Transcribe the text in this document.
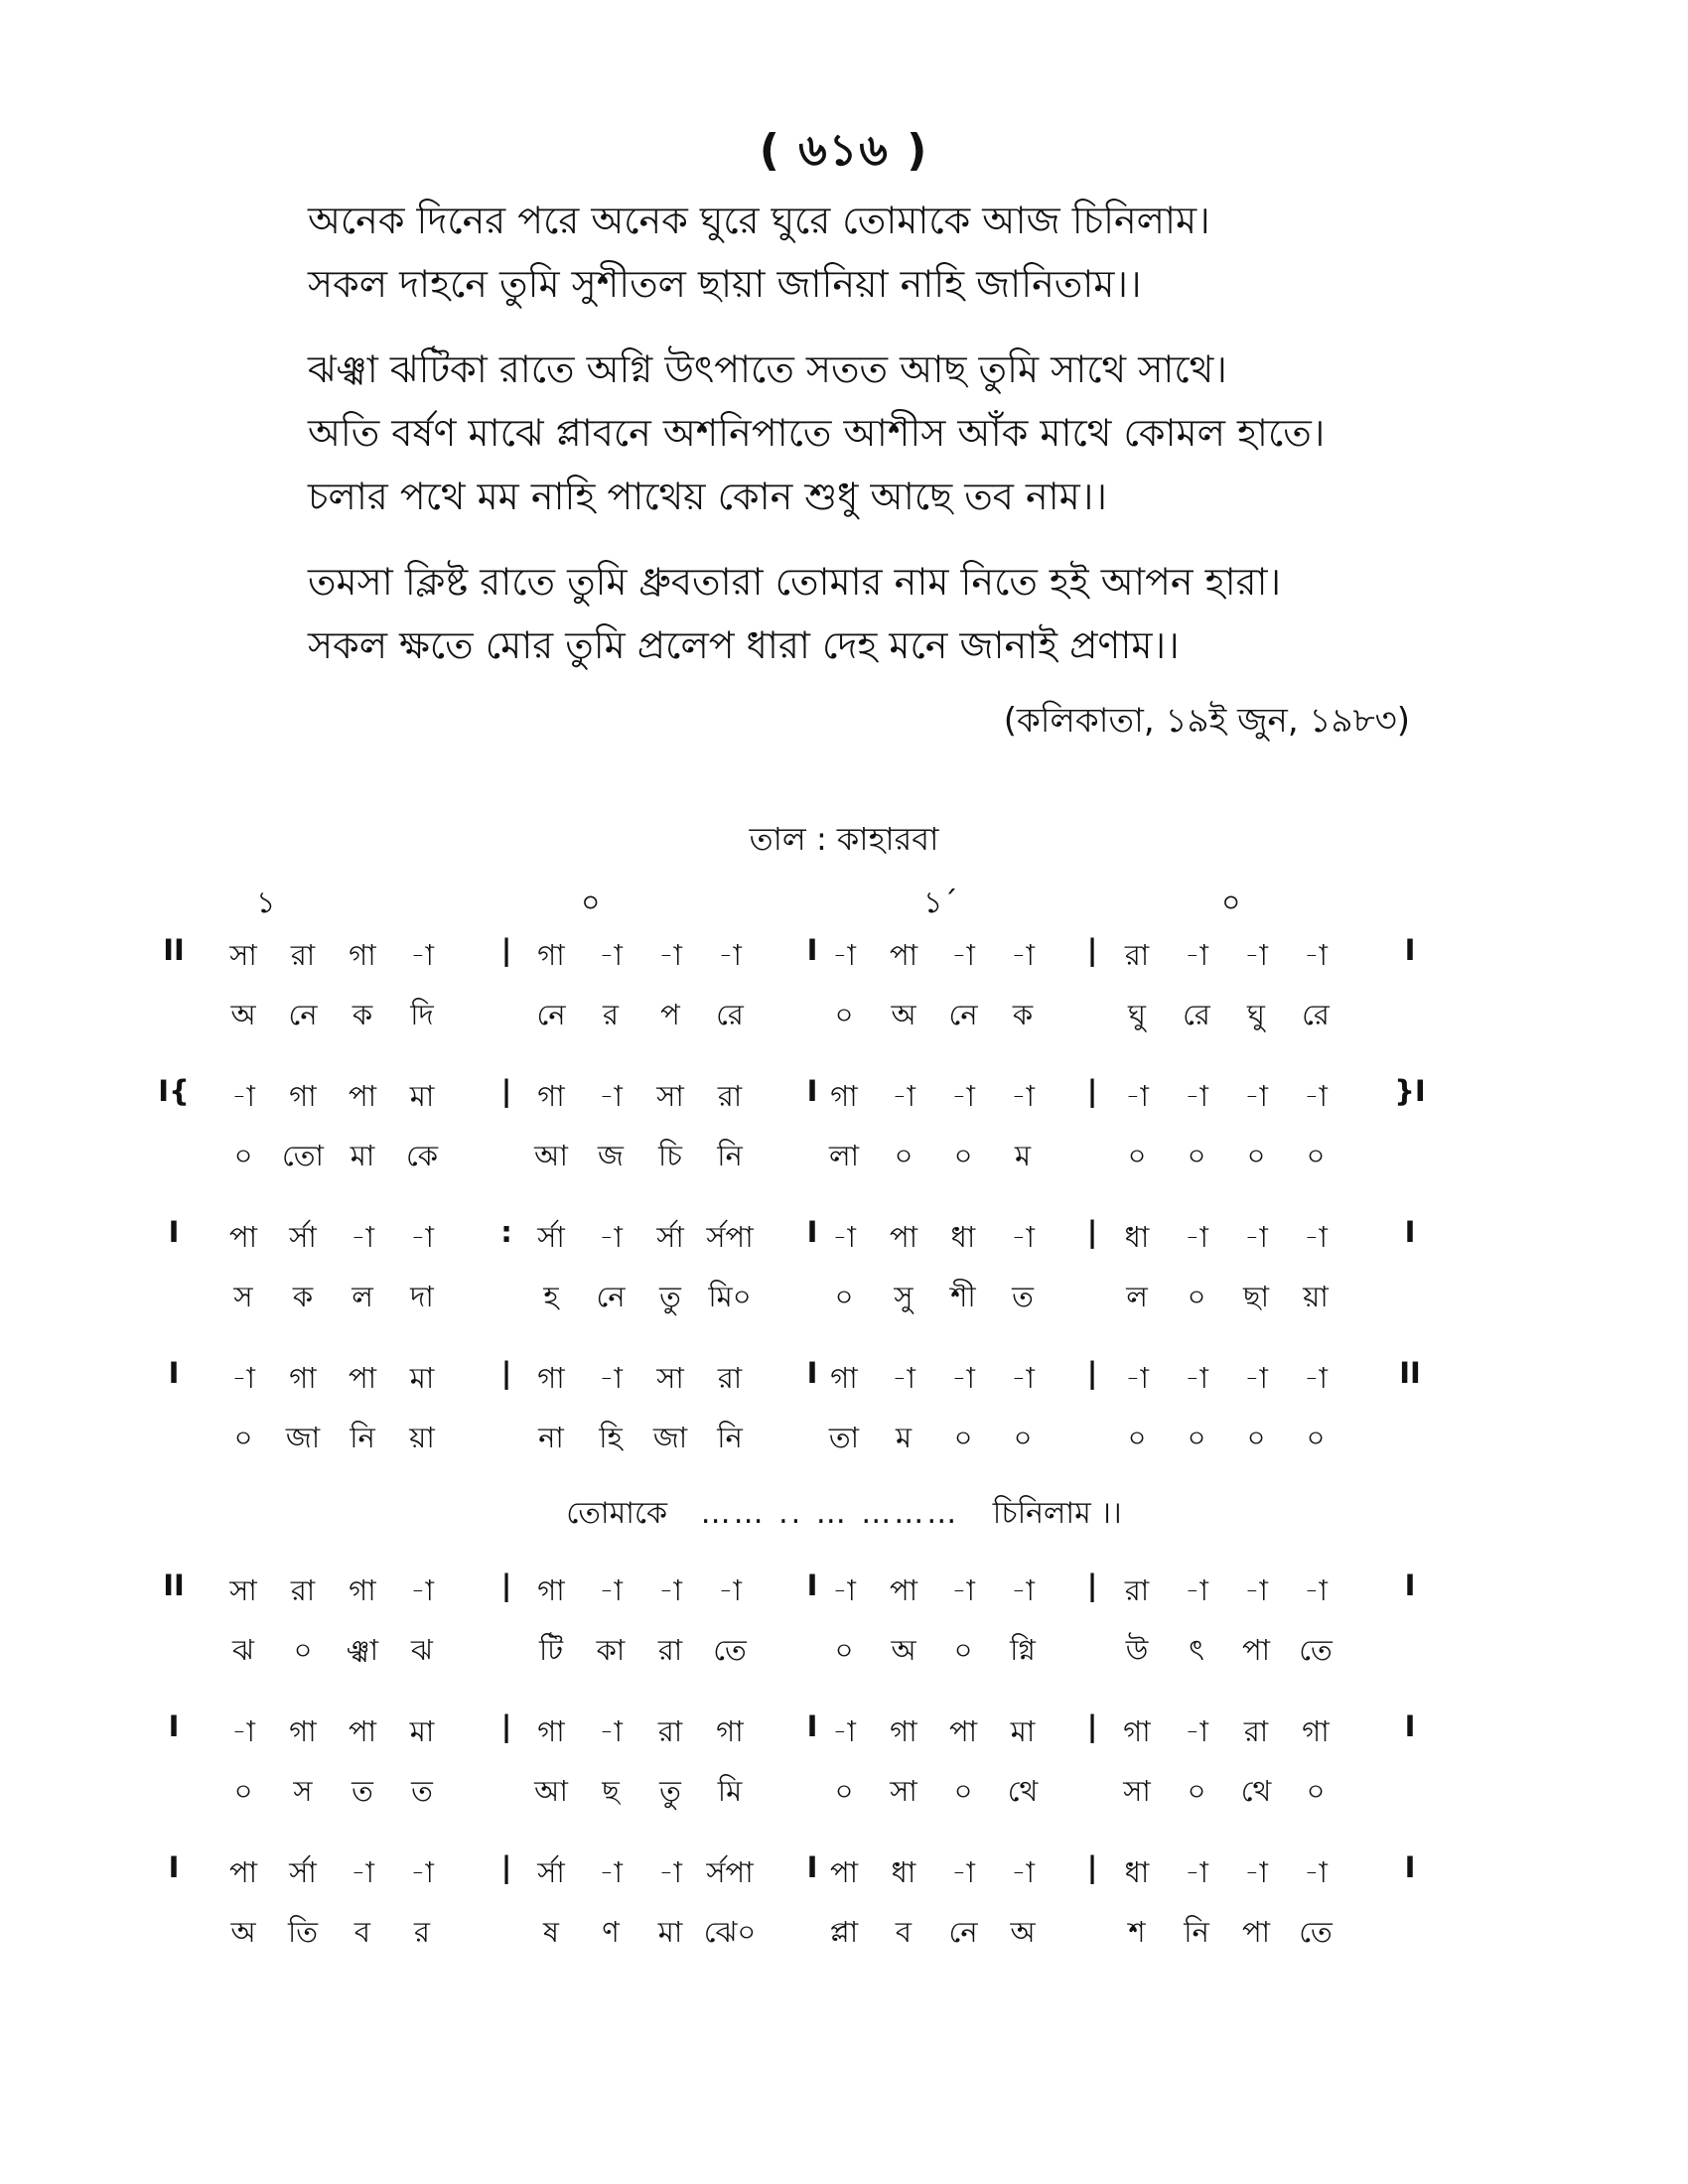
( ৬১৬ )
অনেক দিনের পরে অনেক ঘুরে ঘুরে তোমাকে আজ চিনিলাম।
সকল দাহনে তুমি সুশীতল ছায়া জানিয়া নাহি জানিতাম।।
ঝঞ্ঝা ঝটিকা রাতে অগ্নি উৎপাতে সতত আছ তুমি সাথে সাথে।
অতি বর্ষণ মাঝে প্লাবনে অশনিপাতে আশীস আঁক মাথে কোমল হাতে।
চলার পথে মম নাহি পাথেয় কোন শুধু আছে তব নাম।।
তমসা ক্লিষ্ট রাতে তুমি ধ্রুবতারা তোমার নাম নিতে হই আপন হারা।
সকল ক্ষতে মোর তুমি প্রলেপ ধারা দেহ মনে জানাই প্রণাম।।
(কলিকাতা, ১৯ই জুন, ১৯৮৩)
তাল : কাহারবা
১	০	১´	০
II	সা	রা	গা	-া	গা	-া	-া	-া	-া	পা	-া	-া	রা	-া	-া	-া
|	I	|	I
অ	নে	ক	দি	নে	র	প	রে	০	অ	নে	ক	ঘু	রে	ঘু	রে
I{	-া	গা	পা	মা	গা	-া	সা	রা	গা	-া	-া	-া	-া	-া	-া	-া
|	I	|	}I
০	তো মা	কে	আ	জ	চি	নি	লা	০	০	ম	০	০	০	০
I	পা	র্সা	-া	-া	র্সা	-া	র্সা র্সপা	-া	পা	ধা	-া	ধা	-া	-া	-া
:	I	|	I
স	ক	ল	দা	হ	নে	তু মি০	০	সু	শী	ত	ল	০	ছা	য়া
I	-া	গা	পা	মা	গা	-া	সা	রা	গা	-া	-া	-া	-া	-া	-া	-া
|	I	|	II
০	জা	নি	য়া	না	হি	জা	নি	তা	ম	০	০	০	০	০	০
II	সা	রা	গা	-া	গা	-া	-া	-া	-া	পা	-া	-া	রা	-া	-া	-া
|	I	|	I
ঝ	০	ঞ্ঝা	ঝ	টি	কা	রা	তে	০	অ	০	গ্নি	উ	ৎ	পা	তে
I	-া	গা	পা	মা	গা	-া	রা	গা	-া	গা	পা	মা	গা	-া	রা	গা
|	I	|	I
০	স	ত	ত	আ	ছ	তু	মি	০	সা	০	থে	সা	০	থে	০
I	পা	র্সা	-া	-া	র্সা	-া	-া র্সপা	পা	ধা	-া	-া	ধা	-া	-া	-া
|	I	|	I
অ	তি	ব	র	ষ	ণ	মা ঝে০	প্লা	ব	নে	অ	শ	নি	পা	তে
তোমাকে …… .. … ……… চিনিলাম ।।
